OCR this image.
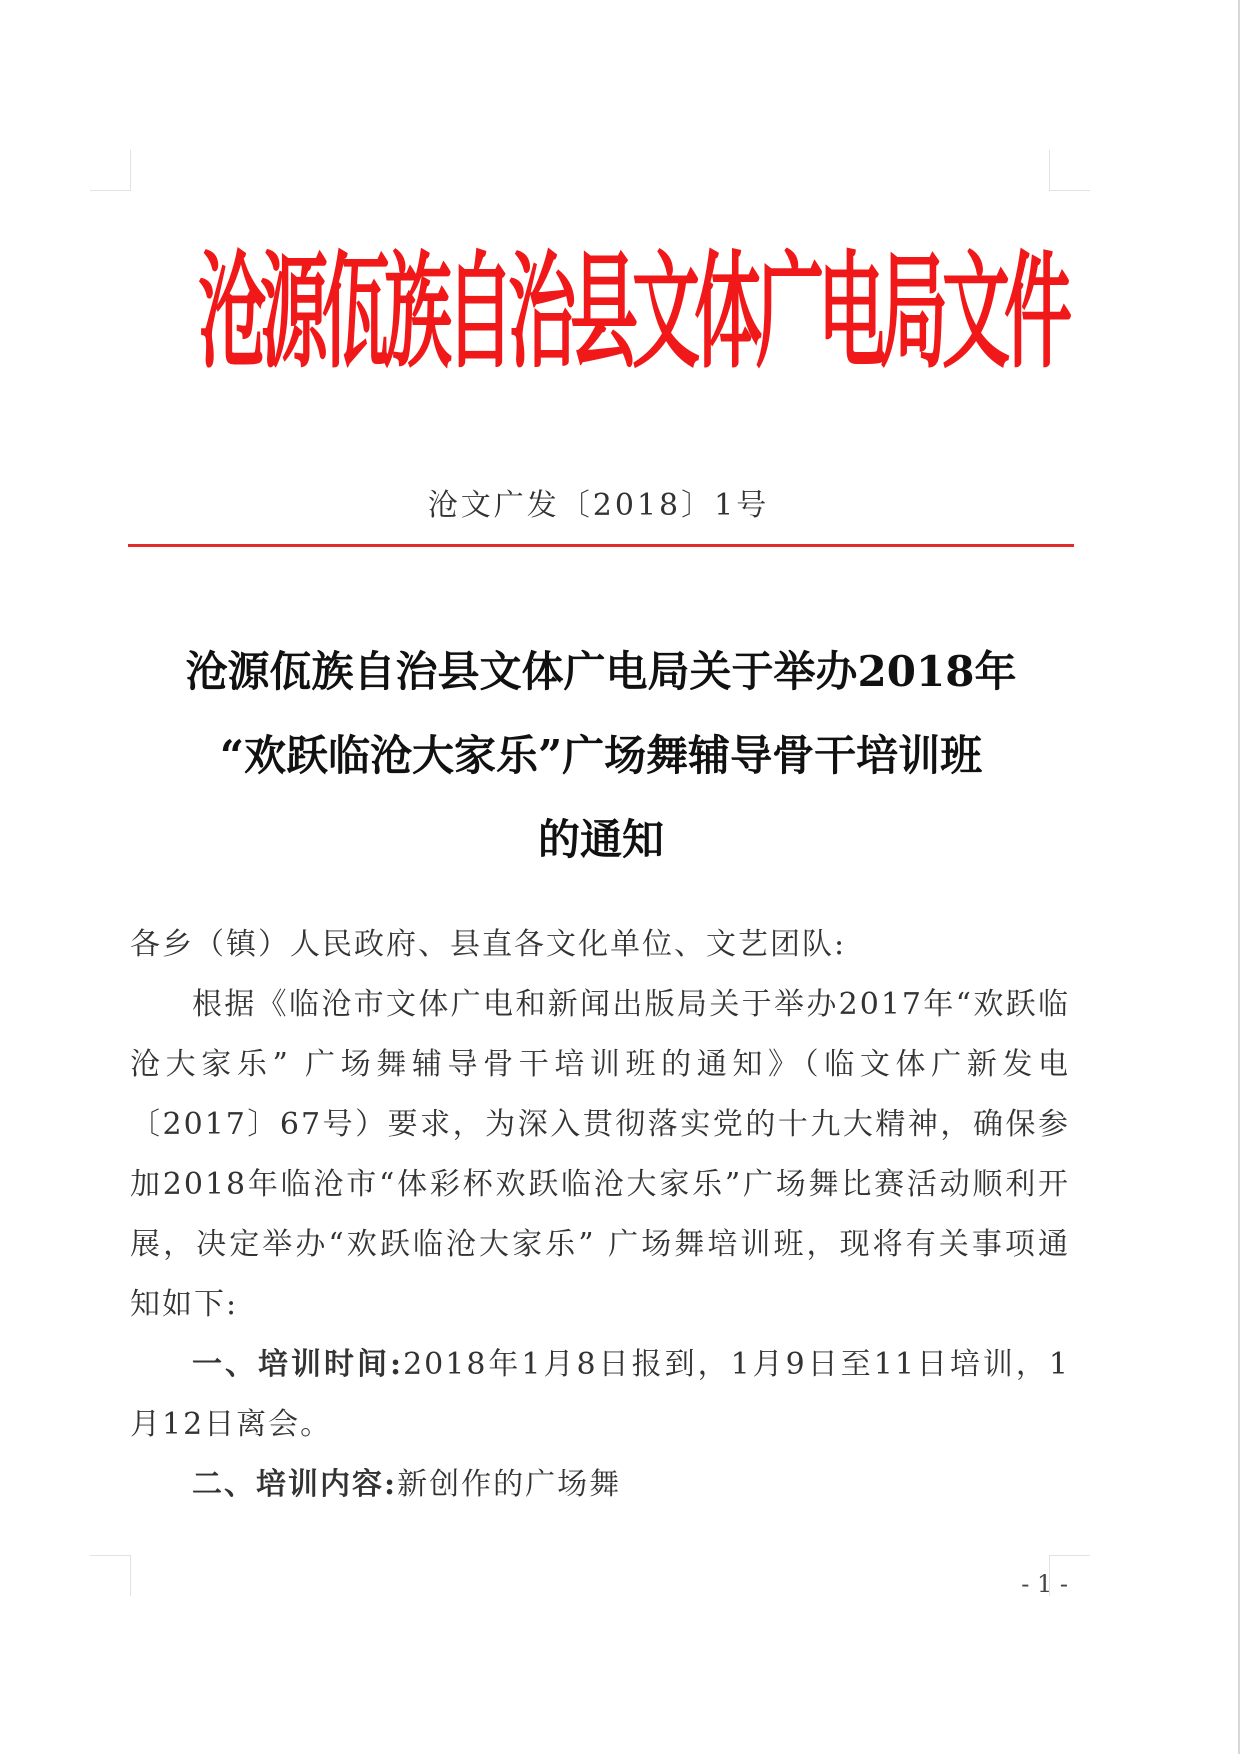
沧源佤族自治县文体广电局文件
沧文广发〔2018〕1号
沧源佤族自治县文体广电局关于举办2018年
“欢跃临沧大家乐”广场舞辅导骨干培训班
的通知

各乡（镇）人民政府、县直各文化单位、文艺团队:

根据《临沧市文体广电和新闻出版局关于举办2017年“欢跃临沧大家乐” 广场舞辅导骨干培训班的通知》（临文体广新发电〔2017〕67号）要求，为深入贯彻落实党的十九大精神，确保参加2018年临沧市“体彩杯欢跃临沧大家乐”广场舞比赛活动顺利开展，决定举办“欢跃临沧大家乐” 广场舞培训班，现将有关事项通知如下:

一、培训时间:2018年1月8日报到，1月9日至11日培训，1月12日离会。

二、培训内容:新创作的广场舞

- 1 -
